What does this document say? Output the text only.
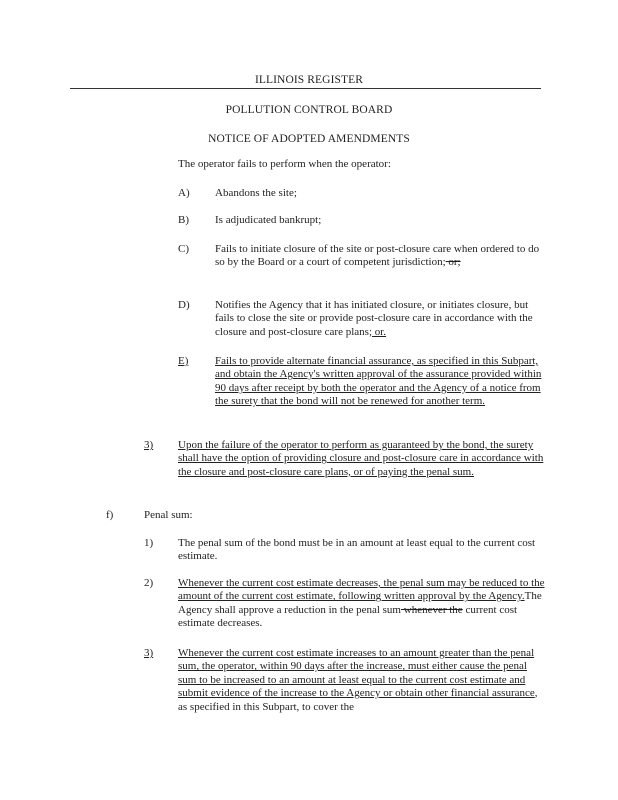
ILLINOIS REGISTER
POLLUTION CONTROL BOARD
NOTICE OF ADOPTED AMENDMENTS

The operator fails to perform when the operator:

A) Abandons the site;

B) Is adjudicated bankrupt;

C) Fails to initiate closure of the site or post-closure care when ordered to do so by the Board or a court of competent jurisdiction; or;

D) Notifies the Agency that it has initiated closure, or initiates closure, but fails to close the site or provide post-closure care in accordance with the closure and post-closure care plans; or.

E) Fails to provide alternate financial assurance, as specified in this Subpart, and obtain the Agency's written approval of the assurance provided within 90 days after receipt by both the operator and the Agency of a notice from the surety that the bond will not be renewed for another term.

3) Upon the failure of the operator to perform as guaranteed by the bond, the surety shall have the option of providing closure and post-closure care in accordance with the closure and post-closure care plans, or of paying the penal sum.

f)	Penal sum:

1) The penal sum of the bond must be in an amount at least equal to the current cost estimate.

2) Whenever the current cost estimate decreases, the penal sum may be reduced to the amount of the current cost estimate, following written approval by the Agency.The Agency shall approve a reduction in the penal sum whenever the current cost estimate decreases.

3) Whenever the current cost estimate increases to an amount greater than the penal sum, the operator, within 90 days after the increase, must either cause the penal sum to be increased to an amount at least equal to the current cost estimate and submit evidence of the increase to the Agency or obtain other financial assurance, as specified in this Subpart, to cover the
